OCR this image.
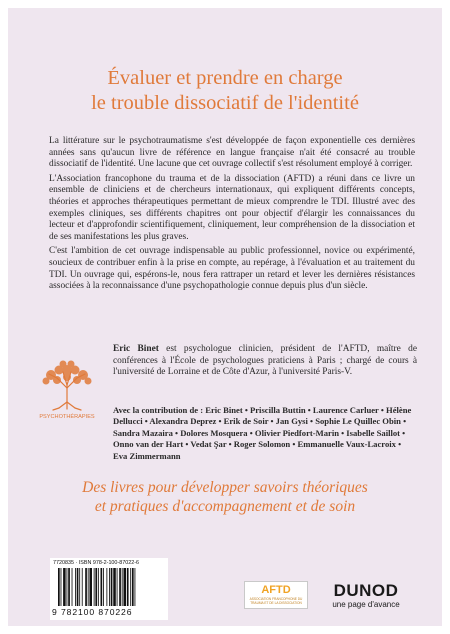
Évaluer et prendre en charge
le trouble dissociatif de l'identité

La littérature sur le psychotraumatisme s'est développée de façon exponentielle ces dernières années sans qu'aucun livre de référence en langue française n'ait été consacré au trouble dissociatif de l'identité. Une lacune que cet ouvrage collectif s'est résolument employé à corriger.

L'Association francophone du trauma et de la dissociation (AFTD) a réuni dans ce livre un ensemble de cliniciens et de chercheurs internationaux, qui expliquent différents concepts, théories et approches thérapeutiques permettant de mieux comprendre le TDI. Illustré avec des exemples cliniques, ses différents chapitres ont pour objectif d'élargir les connaissances du lecteur et d'approfondir scientifiquement, cliniquement, leur compréhension de la dissociation et de ses manifestations les plus graves.

C'est l'ambition de cet ouvrage indispensable au public professionnel, novice ou expérimenté, soucieux de contribuer enfin à la prise en compte, au repérage, à l'évaluation et au traitement du TDI. Un ouvrage qui, espérons-le, nous fera rattraper un retard et lever les dernières résistances associées à la reconnaissance d'une psychopathologie connue depuis plus d'un siècle.

PSYCHOTHÉRAPIES
Eric Binet est psychologue clinicien, président de l'AFTD, maître de conférences à l'École de psychologues praticiens à Paris ; chargé de cours à l'université de Lorraine et de Côte d'Azur, à l'université Paris-V.
Avec la contribution de : Eric Binet • Priscilla Buttin • Laurence Carluer • Hélène Dellucci • Alexandra Deprez • Erik de Soir • Jan Gysi • Sophie Le Quillec Obin • Sandra Mazaira • Dolores Mosquera • Olivier Piedfort-Marin • Isabelle Saillot • Onno van der Hart • Vedat Şar • Roger Solomon • Emmanuelle Vaux-Lacroix • Eva Zimmermann
Des livres pour développer savoirs théoriques
et pratiques d'accompagnement et de soin
7720835 · ISBN 978-2-100-87022-6
9 782100 870226
AFTD
ASSOCIATION FRANCOPHONE DU TRAUMA ET DE LA DISSOCIATION
DUNOD
une page d'avance
